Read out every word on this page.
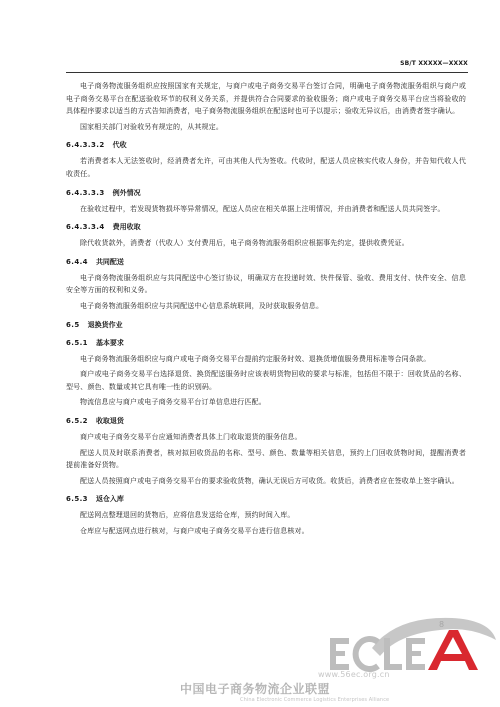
SB/T XXXXX—XXXX

电子商务物流服务组织应按照国家有关规定，与商户或电子商务交易平台签订合同，明确电子商务物流服务组织与商户或电子商务交易平台在配送验收环节的权利义务关系，并提供符合合同要求的验收服务；商户或电子商务交易平台应当将验收的具体程序要求以适当的方式告知消费者，电子商务物流服务组织在配送时也可予以提示；验收无异议后，由消费者签字确认。

国家相关部门对验收另有规定的，从其规定。

6.4.3.3.2 代收

若消费者本人无法签收时，经消费者允许，可由其他人代为签收。代收时，配送人员应核实代收人身份，并告知代收人代收责任。

6.4.3.3.3 例外情况

在验收过程中，若发现货物损坏等异常情况，配送人员应在相关单据上注明情况，并由消费者和配送人员共同签字。

6.4.3.3.4 费用收取

除代收货款外，消费者（代收人）支付费用后，电子商务物流服务组织应根据事先约定，提供收费凭证。

6.4.4 共同配送

电子商务物流服务组织应与共同配送中心签订协议，明确双方在投递时效、快件保管、验收、费用支付、快件安全、信息安全等方面的权利和义务。

电子商务物流服务组织应与共同配送中心信息系统联网，及时获取服务信息。

6.5 退换货作业
6.5.1 基本要求

电子商务物流服务组织应与商户或电子商务交易平台提前约定服务时效、退换货增值服务费用标准等合同条款。

商户或电子商务交易平台选择退货、换货配送服务时应该表明货物回收的要求与标准，包括但不限于：回收货品的名称、型号、颜色、数量或其它具有唯一性的识别码。

物流信息应与商户或电子商务交易平台订单信息进行匹配。

6.5.2 收取退货

商户或电子商务交易平台应通知消费者具体上门收取退货的服务信息。

配送人员及时联系消费者，核对拟回收货品的名称、型号、颜色、数量等相关信息，预约上门回收货物时间，提醒消费者提前准备好货物。

配送人员按照商户或电子商务交易平台的要求验收货物，确认无误后方可收货。收货后，消费者应在签收单上签字确认。

6.5.3 返仓入库

配送网点整理退回的货物后，应将信息发送给仓库，预约时间入库。

仓库应与配送网点进行核对，与商户或电子商务交易平台进行信息核对。

www.56ec.org.cn
中国电子商务物流企业联盟
China Electronic Commerce Logistics Enterprises Alliance
